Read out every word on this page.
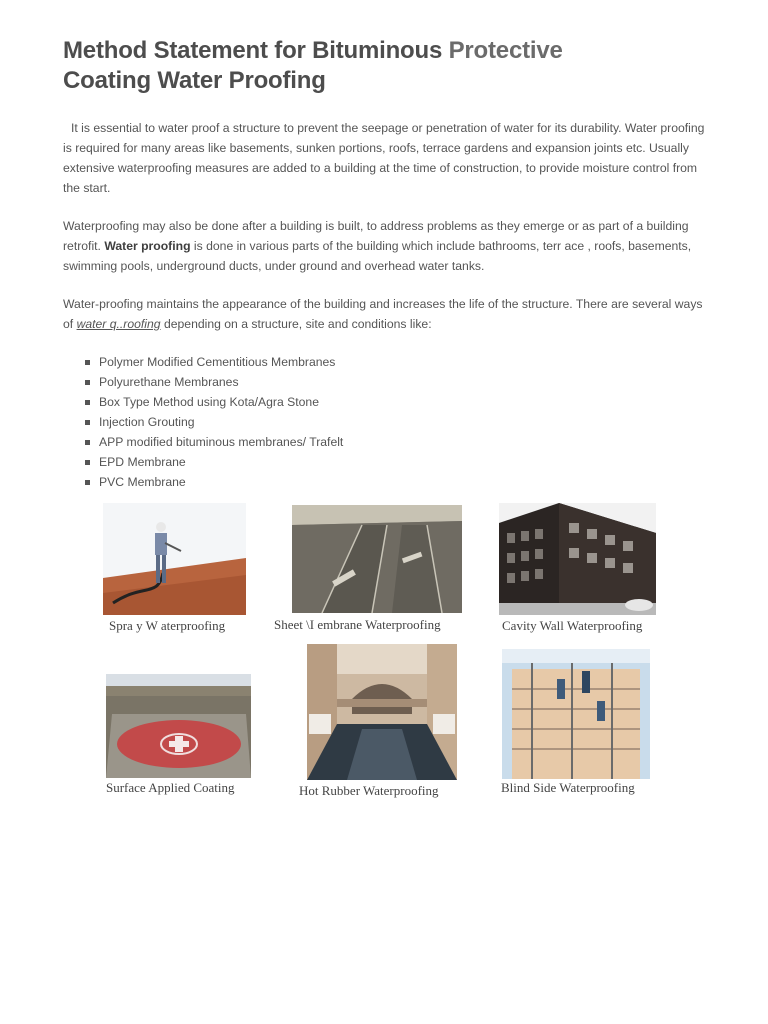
Method Statement for Bituminous Protective
Coating Water Proofing

It is essential to water proof a structure to prevent the seepage or penetration of water for its durability. Water proofing is required for many areas like basements, sunken portions, roofs, terrace gardens and expansion joints etc. Usually extensive waterproofing measures are added to a building at the time of construction, to provide moisture control from the start.

Waterproofing may also be done after a building is built, to address problems as they emerge or as part of a building retrofit. Water proofing is done in various parts of the building which include bathrooms, terr ace , roofs, basements, swimming pools, underground ducts, under ground and overhead water tanks.

Water-proofing maintains the appearance of the building and increases the life of the structure. There are several ways of water q..roofing depending on a structure, site and conditions like:

Polymer Modified Cementitious Membranes
Polyurethane Membranes
Box Type Method using Kota/Agra Stone
Injection Grouting
APP modified bituminous membranes/ Trafelt
EPD Membrane
PVC Membrane
Spra y W aterproofing	Sheet \I embrane Waterproofing	Cavity Wall Waterproofing
Surface Applied Coating	Hot Rubber Waterproofing	Blind Side Waterproofing
